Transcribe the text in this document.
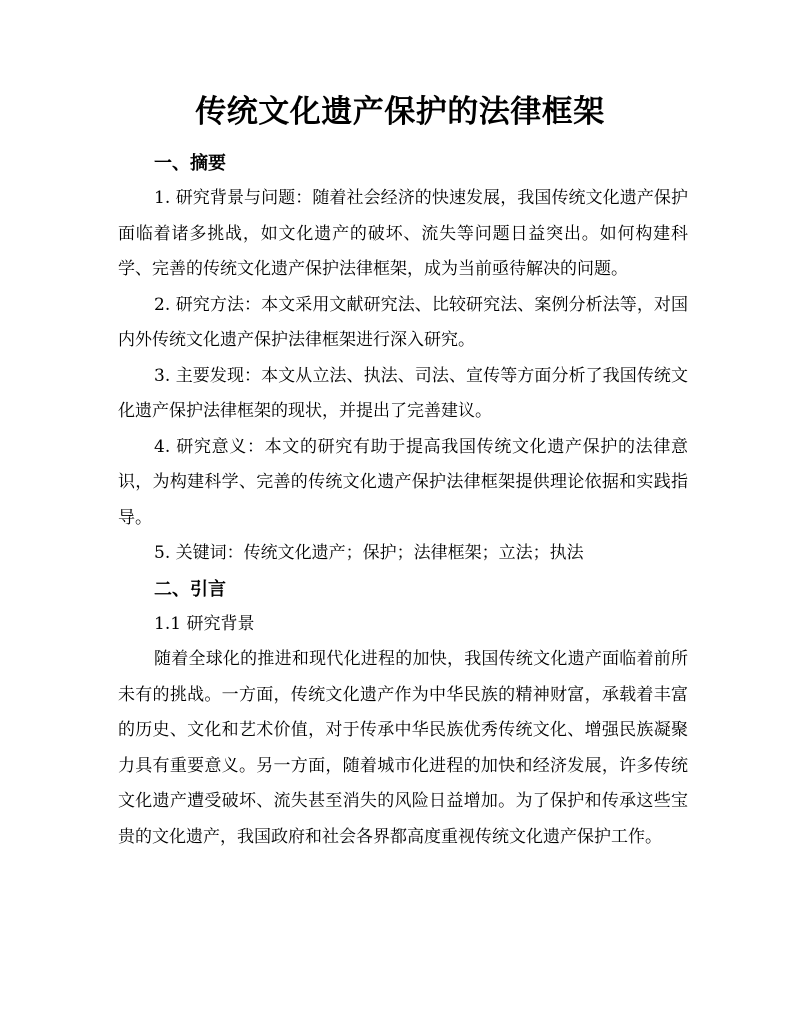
传统文化遗产保护的法律框架
一、摘要

1. 研究背景与问题：随着社会经济的快速发展，我国传统文化遗产保护面临着诸多挑战，如文化遗产的破坏、流失等问题日益突出。如何构建科学、完善的传统文化遗产保护法律框架，成为当前亟待解决的问题。

2. 研究方法：本文采用文献研究法、比较研究法、案例分析法等，对国内外传统文化遗产保护法律框架进行深入研究。

3. 主要发现：本文从立法、执法、司法、宣传等方面分析了我国传统文化遗产保护法律框架的现状，并提出了完善建议。

4. 研究意义：本文的研究有助于提高我国传统文化遗产保护的法律意识，为构建科学、完善的传统文化遗产保护法律框架提供理论依据和实践指导。

5. 关键词：传统文化遗产；保护；法律框架；立法；执法

二、引言

1.1 研究背景

随着全球化的推进和现代化进程的加快，我国传统文化遗产面临着前所未有的挑战。一方面，传统文化遗产作为中华民族的精神财富，承载着丰富的历史、文化和艺术价值，对于传承中华民族优秀传统文化、增强民族凝聚力具有重要意义。另一方面，随着城市化进程的加快和经济发展，许多传统文化遗产遭受破坏、流失甚至消失的风险日益增加。为了保护和传承这些宝贵的文化遗产，我国政府和社会各界都高度重视传统文化遗产保护工作。
